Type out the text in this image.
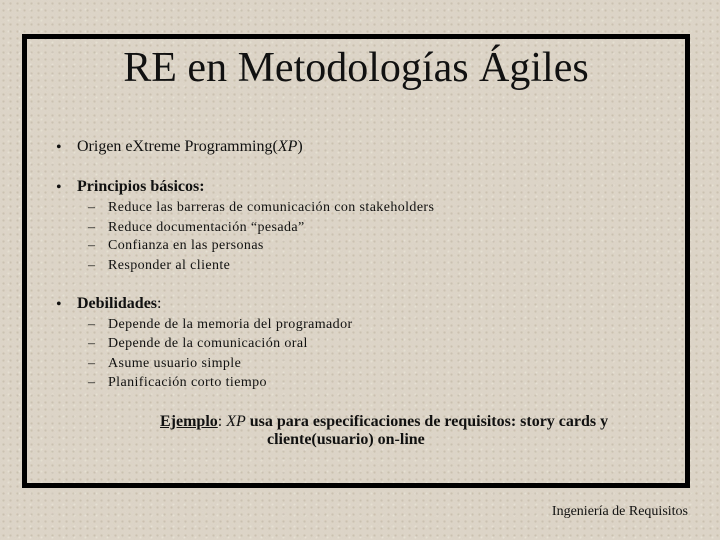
RE en Metodologías Ágiles
• Origen eXtreme Programming(XP)

• Principios básicos:

– Reduce las barreras de comunicación con stakeholders
– Reduce documentación “pesada”
– Confianza en las personas
– Responder al cliente
• Debilidades:

– Depende de la memoria del programador
– Depende de la comunicación oral
– Asume usuario simple
– Planificación corto tiempo
Ejemplo: XP usa para especificaciones de requisitos: story cards y
cliente(usuario) on-line
Ingeniería de Requisitos
